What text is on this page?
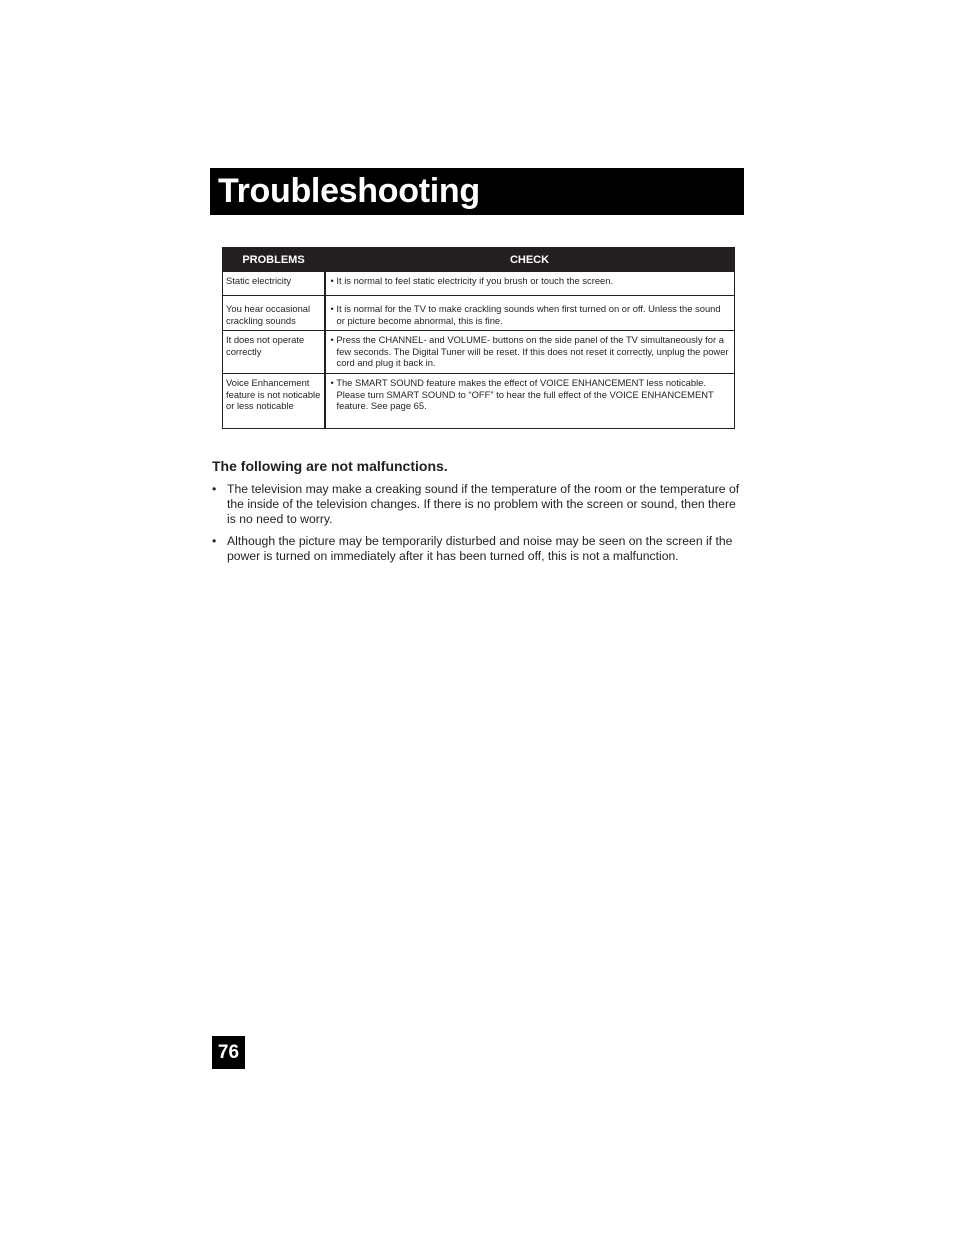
Troubleshooting
PROBLEMS	CHECK
Static electricity	• It is normal to feel static electricity if you brush or touch the screen.

You hear occasional crackling sounds	• It is normal for the TV to make crackling sounds when first turned on or off. Unless the sound or picture become abnormal, this is fine.

It does not operate correctly	• Press the CHANNEL- and VOLUME- buttons on the side panel of the TV simultaneously for a few seconds. The Digital Tuner will be reset. If this does not reset it correctly, unplug the power cord and plug it back in.

Voice Enhancement feature is not noticable or less noticable	• The SMART SOUND feature makes the effect of VOICE ENHANCEMENT less noticable. Please turn SMART SOUND to “OFF” to hear the full effect of the VOICE ENHANCEMENT feature. See page 65.
The following are not malfunctions.
• The television may make a creaking sound if the temperature of the room or the temperature of the inside of the television changes. If there is no problem with the screen or sound, then there is no need to worry.
• Although the picture may be temporarily disturbed and noise may be seen on the screen if the power is turned on immediately after it has been turned off, this is not a malfunction.
76
